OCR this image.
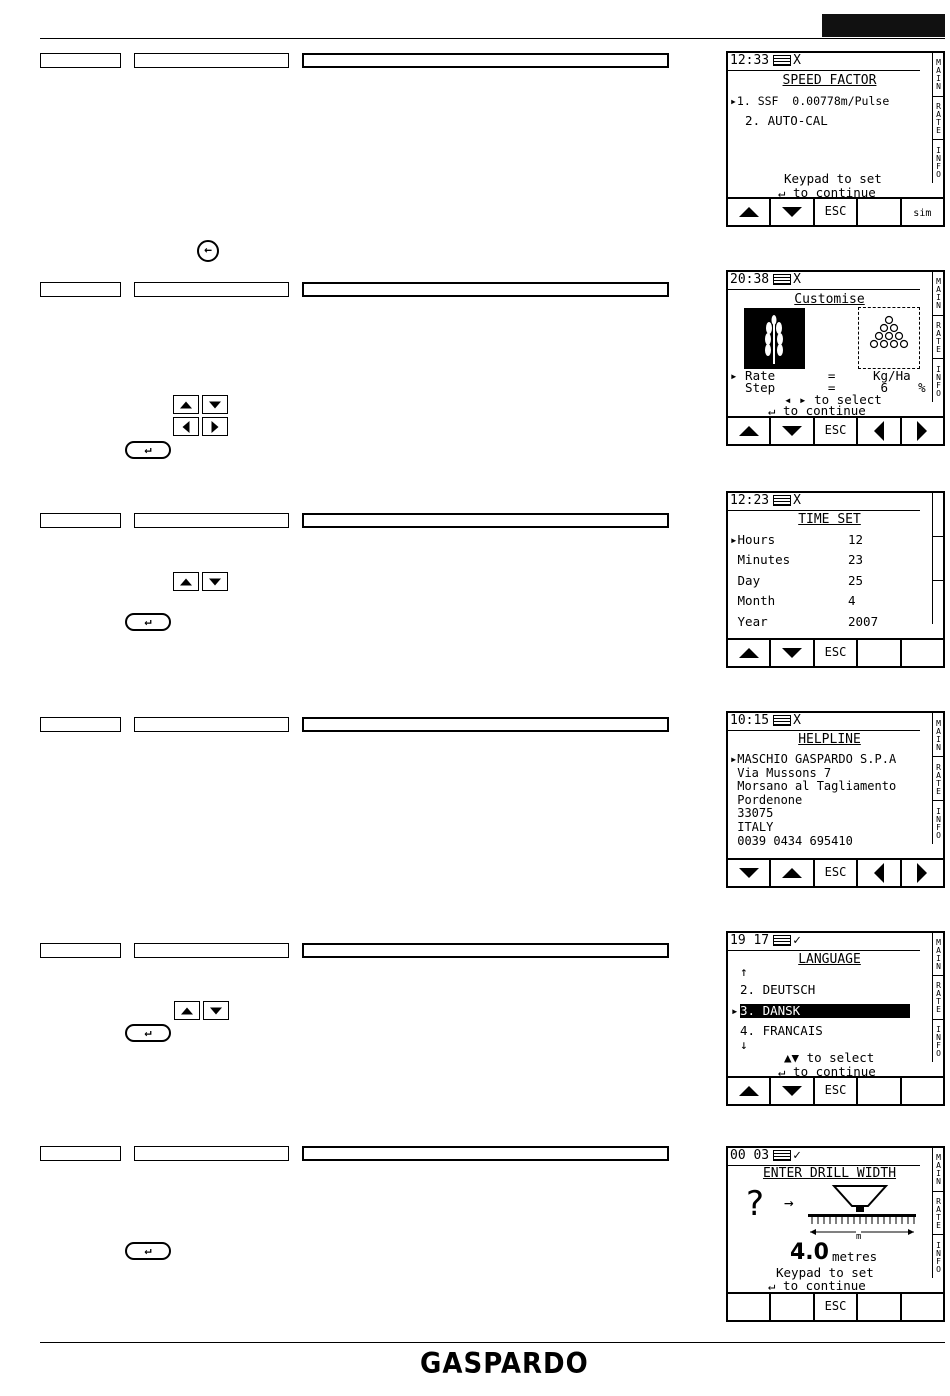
←
↵
↵
↵
↵
12:33 X	MAIN
RATE
INFO
SPEED FACTOR
▸1. SSF  0.00778m/Pulse
2. AUTO-CAL
Keypad to set
↵ to continue
ESC	sim
20:38 X	MAIN
RATE
INFO
Customise
▸ Rate       =     Kg/Ha
Step       =      6    %
◂ ▸ to select
↵ to continue
ESC
12:23 X
TIME SET
▸Hours	12
Minutes	23
Day	25
Month	4
Year	2007
ESC
10:15 X	MAIN
RATE
INFO
HELPLINE
▸MASCHIO GASPARDO S.P.A
Via Mussons 7
Morsano al Tagliamento
Pordenone
33075
ITALY
0039 0434 695410
ESC
19 17 ✓	MAIN
RATE
INFO
LANGUAGE
↑
2. DEUTSCH
▸ 3. DANSK
4. FRANCAIS
↓
▲▼ to select
↵ to continue
ESC
00 03 ✓	MAIN
RATE
INFO
ENTER DRILL WIDTH
? →
m
4.0 metres
Keypad to set
↵ to continue
ESC
GASPARDO
